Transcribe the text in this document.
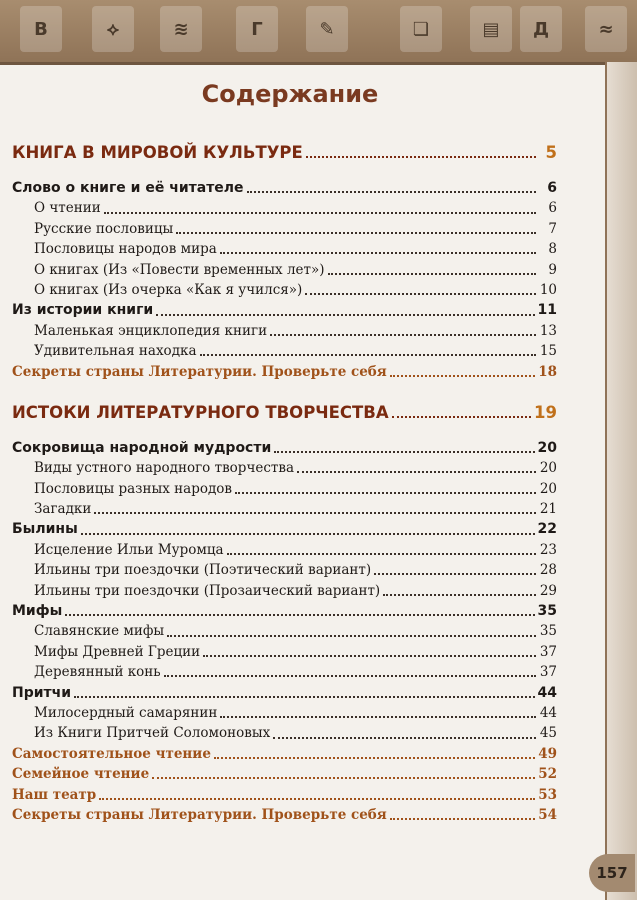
В	⟡	≋	Г	✎	❏	▤	Д	≈
157
Содержание
КНИГА В МИРОВОЙ КУЛЬТУРЕ	5
Слово о книге и её читателе	6
О чтении	6
Русские пословицы	7
Пословицы народов мира	8
О книгах (Из «Повести временных лет»)	9
О книгах (Из очерка «Как я учился»)	10
Из истории книги	11
Маленькая энциклопедия книги	13
Удивительная находка	15
Секреты страны Литературии. Проверьте себя	18
ИСТОКИ ЛИТЕРАТУРНОГО ТВОРЧЕСТВА	19
Сокровища народной мудрости	20
Виды устного народного творчества	20
Пословицы разных народов	20
Загадки	21
Былины	22
Исцеление Ильи Муромца	23
Ильины три поездочки (Поэтический вариант)	28
Ильины три поездочки (Прозаический вариант)	29
Мифы	35
Славянские мифы	35
Мифы Древней Греции	37
Деревянный конь	37
Притчи	44
Милосердный самарянин	44
Из Книги Притчей Соломоновых	45
Самостоятельное чтение	49
Семейное чтение	52
Наш театр	53
Секреты страны Литературии. Проверьте себя	54
